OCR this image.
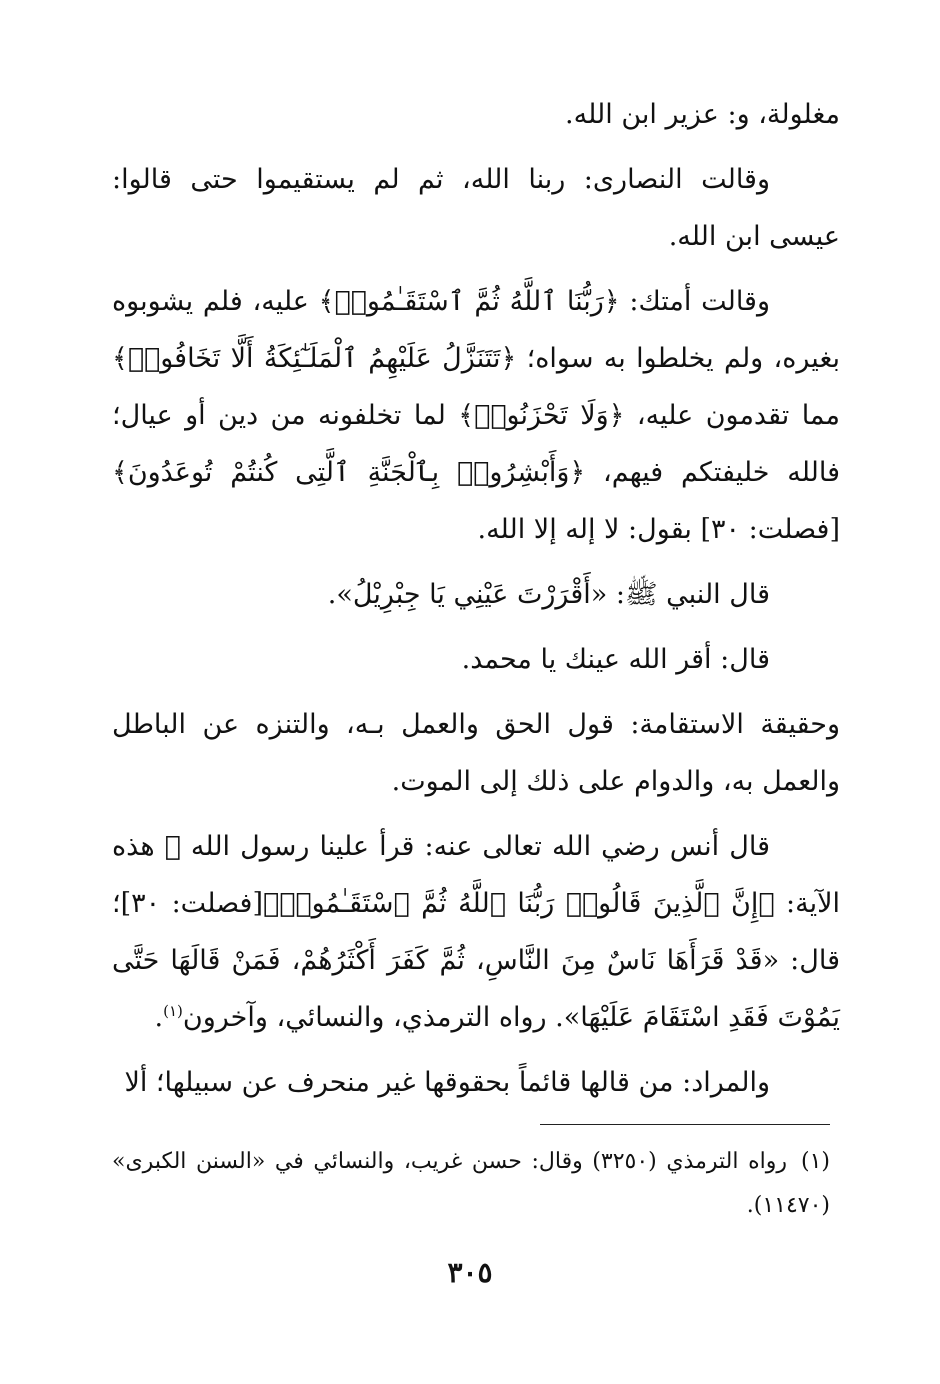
مغلولة، و: عزير ابن الله.

وقالت النصارى: ربنا الله، ثم لم يستقيموا حتى قالوا: عيسى ابن الله.

وقالت أمتك: ﴿رَبُّنَا ٱللَّهُ ثُمَّ ٱسْتَقَـٰمُوا۟﴾ عليه، فلم يشوبوه بغيره، ولم يخلطوا به سواه؛ ﴿تَتَنَزَّلُ عَلَيْهِمُ ٱلْمَلَـٰٓئِكَةُ أَلَّا تَخَافُوا۟﴾ مما تقدمون عليه، ﴿وَلَا تَحْزَنُوا۟﴾ لما تخلفونه من دين أو عيال؛ فالله خليفتكم فيهم، ﴿وَأَبْشِرُوا۟ بِٱلْجَنَّةِ ٱلَّتِى كُنتُمْ تُوعَدُونَ﴾[فصلت: ٣٠] بقول: لا إله إلا الله.

قال النبي ﷺ: «أَقْرَرْتَ عَيْنِي يَا جِبْرِيْلُ».

قال: أقر الله عينك يا محمد.

وحقيقة الاستقامة: قول الحق والعمل بـه، والتنزه عن الباطل والعمل به، والدوام على ذلك إلى الموت.

قال أنس رضي الله تعالى عنه: قرأ علينا رسول الله ﷺ هذه الآية: ﴿إِنَّ ٱلَّذِينَ قَالُوا۟ رَبُّنَا ٱللَّهُ ثُمَّ ٱسْتَقَـٰمُوا۟﴾[فصلت: ٣٠]؛ قال: «قَدْ قَرَأَهَا نَاسٌ مِنَ النَّاسِ، ثُمَّ كَفَرَ أَكْثَرُهُمْ، فَمَنْ قَالَهَا حَتَّى يَمُوْتَ فَقَدِ اسْتَقَامَ عَلَيْهَا». رواه الترمذي، والنسائي، وآخرون$^{(١)}$.

والمراد: من قالها قائماً بحقوقها غير منحرف عن سبيلها؛ ألا

(١)رواه الترمذي (٣٢٥٠) وقال: حسن غريب، والنسائي في «السنن الكبرى» (١١٤٧٠).
٣٠٥
